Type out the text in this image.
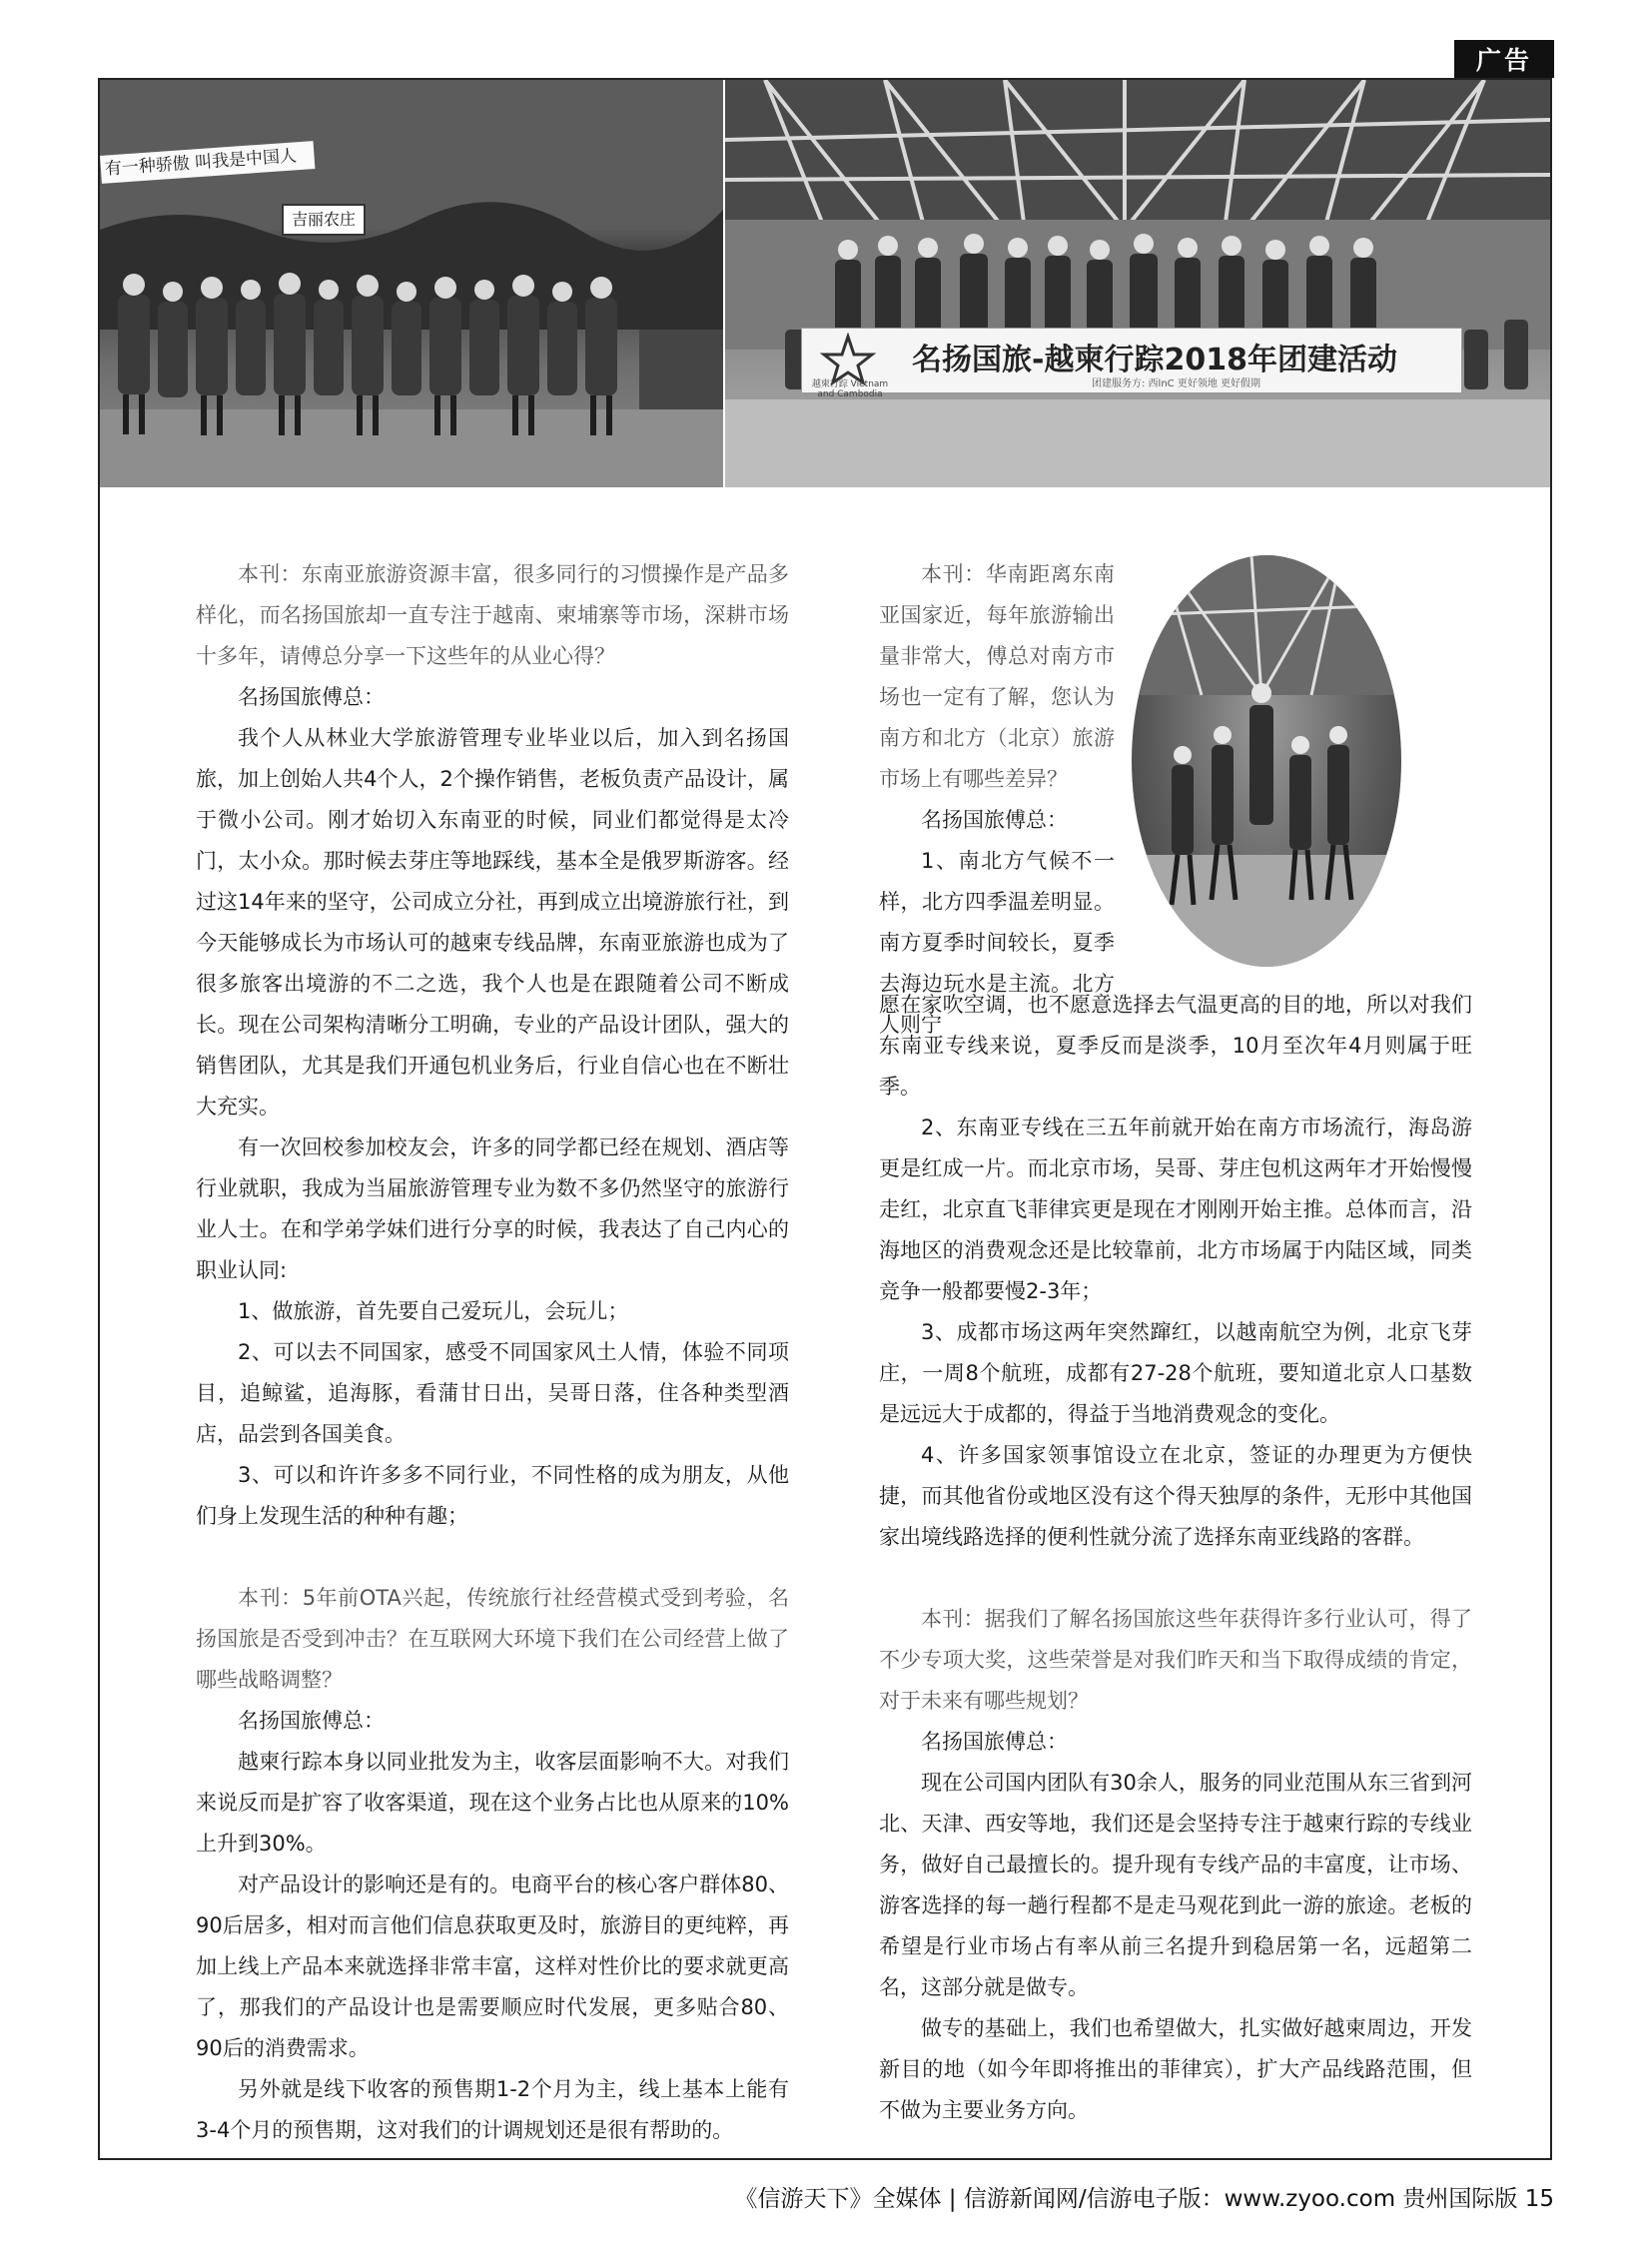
广告
有一种骄傲 叫我是中国人
吉丽农庄
越柬行踪 Vietnam and Cambodia
名扬国旅-越柬行踪2018年团建活动
团建服务方: 西lnC 更好领地 更好假期

本刊：东南亚旅游资源丰富，很多同行的习惯操作是产品多样化，而名扬国旅却一直专注于越南、柬埔寨等市场，深耕市场十多年，请傅总分享一下这些年的从业心得？

名扬国旅傅总：

我个人从林业大学旅游管理专业毕业以后，加入到名扬国旅，加上创始人共4个人，2个操作销售，老板负责产品设计，属于微小公司。刚才始切入东南亚的时候，同业们都觉得是太冷门，太小众。那时候去芽庄等地踩线，基本全是俄罗斯游客。经过这14年来的坚守，公司成立分社，再到成立出境游旅行社，到今天能够成长为市场认可的越柬专线品牌，东南亚旅游也成为了很多旅客出境游的不二之选，我个人也是在跟随着公司不断成长。现在公司架构清晰分工明确，专业的产品设计团队，强大的销售团队，尤其是我们开通包机业务后，行业自信心也在不断壮大充实。

有一次回校参加校友会，许多的同学都已经在规划、酒店等行业就职，我成为当届旅游管理专业为数不多仍然坚守的旅游行业人士。在和学弟学妹们进行分享的时候，我表达了自己内心的职业认同:

1、做旅游，首先要自己爱玩儿，会玩儿；

2、可以去不同国家，感受不同国家风土人情，体验不同项目，追鲸鲨，追海豚，看蒲甘日出，吴哥日落，住各种类型酒店，品尝到各国美食。

3、可以和许许多多不同行业，不同性格的成为朋友，从他们身上发现生活的种种有趣；

本刊：5年前OTA兴起，传统旅行社经营模式受到考验，名扬国旅是否受到冲击？在互联网大环境下我们在公司经营上做了哪些战略调整？

名扬国旅傅总：

越柬行踪本身以同业批发为主，收客层面影响不大。对我们来说反而是扩容了收客渠道，现在这个业务占比也从原来的10%上升到30%。

对产品设计的影响还是有的。电商平台的核心客户群体80、90后居多，相对而言他们信息获取更及时，旅游目的更纯粹，再加上线上产品本来就选择非常丰富，这样对性价比的要求就更高了，那我们的产品设计也是需要顺应时代发展，更多贴合80、90后的消费需求。

另外就是线下收客的预售期1-2个月为主，线上基本上能有3-4个月的预售期，这对我们的计调规划还是很有帮助的。

本刊：华南距离东南亚国家近，每年旅游输出量非常大，傅总对南方市场也一定有了解，您认为南方和北方（北京）旅游市场上有哪些差异？

名扬国旅傅总：

1、南北方气候不一样，北方四季温差明显。南方夏季时间较长，夏季去海边玩水是主流。北方人则宁

愿在家吹空调，也不愿意选择去气温更高的目的地，所以对我们东南亚专线来说，夏季反而是淡季，10月至次年4月则属于旺季。

2、东南亚专线在三五年前就开始在南方市场流行，海岛游更是红成一片。而北京市场，吴哥、芽庄包机这两年才开始慢慢走红，北京直飞菲律宾更是现在才刚刚开始主推。总体而言，沿海地区的消费观念还是比较靠前，北方市场属于内陆区域，同类竞争一般都要慢2-3年；

3、成都市场这两年突然蹿红，以越南航空为例，北京飞芽庄，一周8个航班，成都有27-28个航班，要知道北京人口基数是远远大于成都的，得益于当地消费观念的变化。

4、许多国家领事馆设立在北京，签证的办理更为方便快捷，而其他省份或地区没有这个得天独厚的条件，无形中其他国家出境线路选择的便利性就分流了选择东南亚线路的客群。

本刊：据我们了解名扬国旅这些年获得许多行业认可，得了不少专项大奖，这些荣誉是对我们昨天和当下取得成绩的肯定，对于未来有哪些规划？

名扬国旅傅总：

现在公司国内团队有30余人，服务的同业范围从东三省到河北、天津、西安等地，我们还是会坚持专注于越柬行踪的专线业务，做好自己最擅长的。提升现有专线产品的丰富度，让市场、游客选择的每一趟行程都不是走马观花到此一游的旅途。老板的希望是行业市场占有率从前三名提升到稳居第一名，远超第二名，这部分就是做专。

做专的基础上，我们也希望做大，扎实做好越柬周边，开发新目的地（如今年即将推出的菲律宾），扩大产品线路范围，但不做为主要业务方向。

《信游天下》全媒体 | 信游新闻网/信游电子版：www.zyoo.com 贵州国际版 15
